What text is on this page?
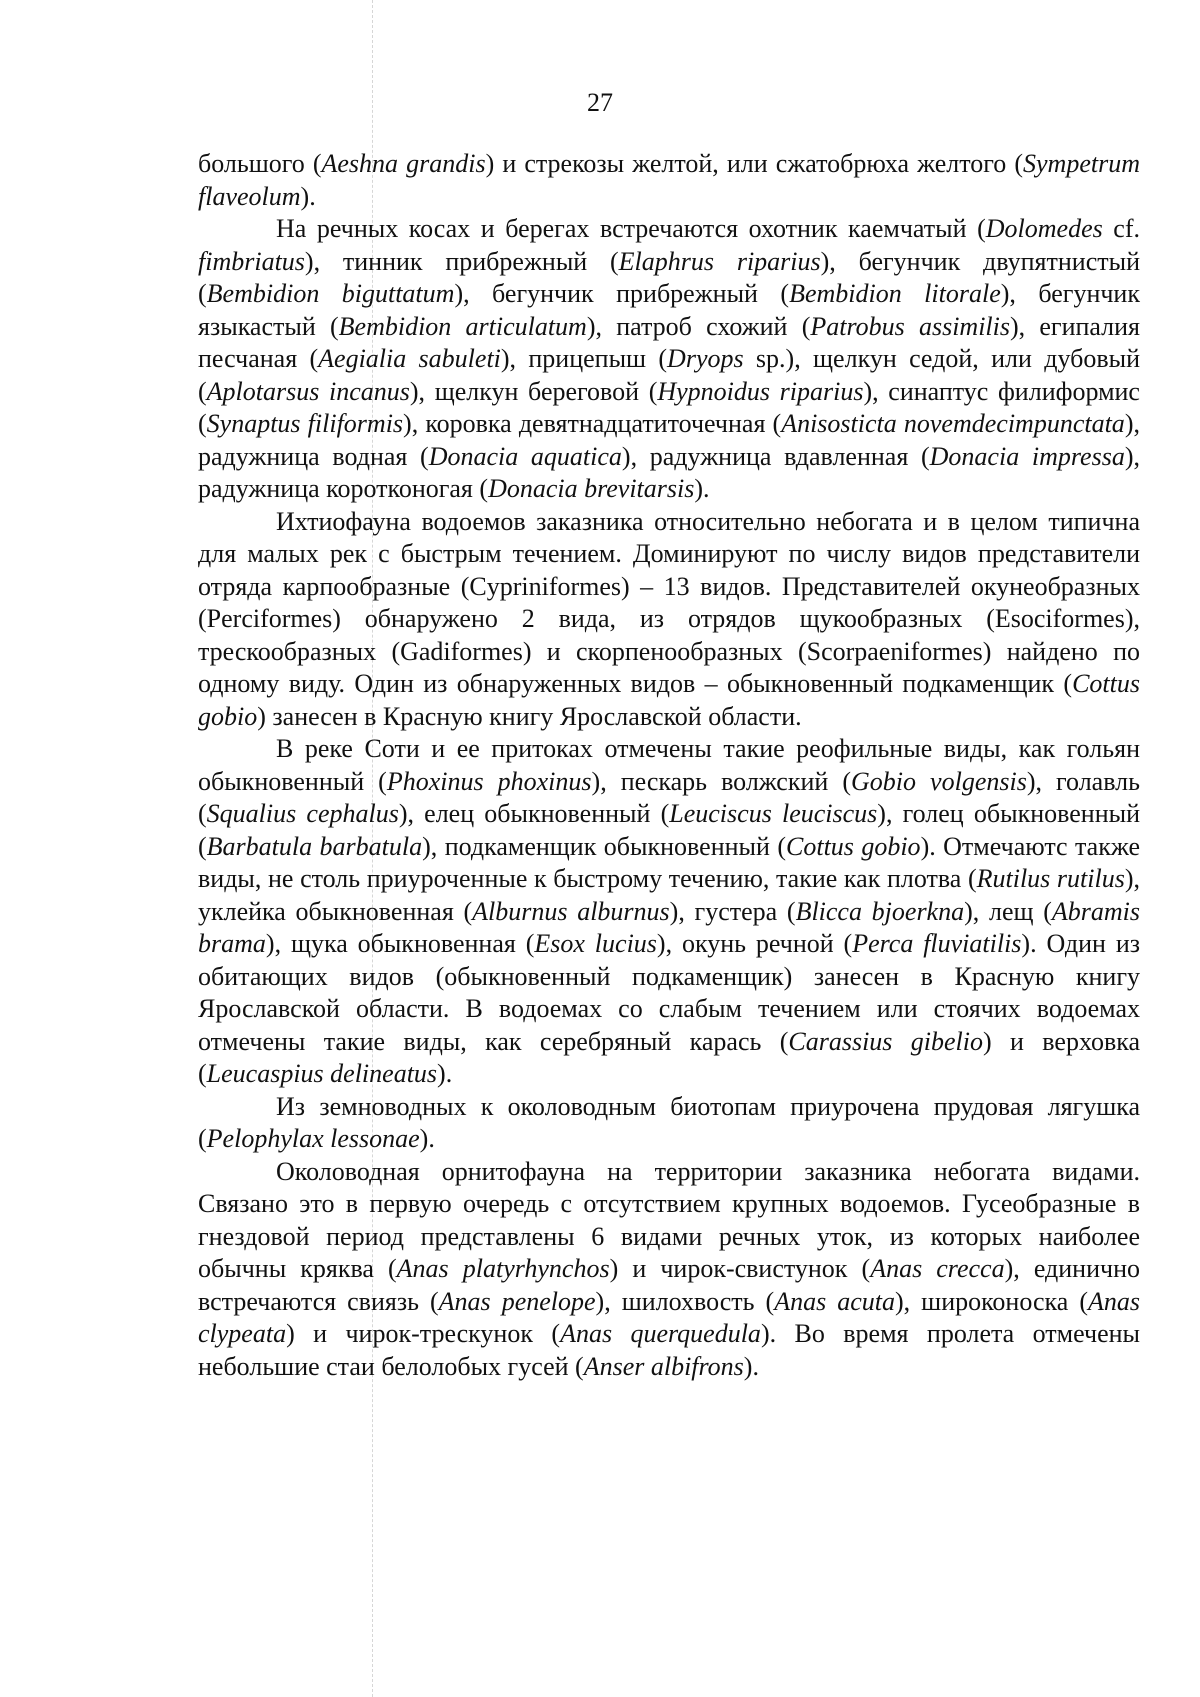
27

большого (Aeshna grandis) и стрекозы желтой, или сжатобрюха желтого (Sympetrum flaveolum).

На речных косах и берегах встречаются охотник каемчатый (Dolomedes cf. fimbriatus), тинник прибрежный (Elaphrus riparius), бегунчик двупятнистый (Bembidion biguttatum), бегунчик прибрежный (Bembidion litorale), бегунчик языкастый (Bembidion articulatum), патроб схожий (Patrobus assimilis), египалия песчаная (Aegialia sabuleti), прицепыш (Dryops sp.), щелкун седой, или дубовый (Aplotarsus incanus), щелкун береговой (Hypnoidus riparius), синаптус филиформис (Synaptus filiformis), коровка девятнадцатиточечная (Anisosticta novemdecimpunctata), радужница водная (Donacia aquatica), радужница вдавленная (Donacia impressa), радужница коротконогая (Donacia brevitarsis).

Ихтиофауна водоемов заказника относительно небогата и в целом типична для малых рек с быстрым течением. Доминируют по числу видов представители отряда карпообразные (Cypriniformes) – 13 видов. Представителей окунеобразных (Perciformes) обнаружено 2 вида, из отрядов щукообразных (Esociformes), трескообразных (Gadiformes) и скорпенообразных (Scorpaeniformes) найдено по одному виду. Один из обнаруженных видов – обыкновенный подкаменщик (Cottus gobio) занесен в Красную книгу Ярославской области.

В реке Соти и ее притоках отмечены такие реофильные виды, как гольян обыкновенный (Phoxinus phoxinus), пескарь волжский (Gobio volgensis), голавль (Squalius cephalus), елец обыкновенный (Leuciscus leuciscus), голец обыкновенный (Barbatula barbatula), подкаменщик обыкновенный (Cottus gobio). Отмечаютс также виды, не столь приуроченные к быстрому течению, такие как плотва (Rutilus rutilus), уклейка обыкновенная (Alburnus alburnus), густера (Blicca bjoerkna), лещ (Abramis brama), щука обыкновенная (Esox lucius), окунь речной (Perca fluviatilis). Один из обитающих видов (обыкновенный подкаменщик) занесен в Красную книгу Ярославской области. В водоемах со слабым течением или стоячих водоемах отмечены такие виды, как серебряный карась (Carassius gibelio) и верховка (Leucaspius delineatus).

Из земноводных к околоводным биотопам приурочена прудовая лягушка (Pelophylax lessonae).

Околоводная орнитофауна на территории заказника небогата видами. Связано это в первую очередь с отсутствием крупных водоемов. Гусеобразные в гнездовой период представлены 6 видами речных уток, из которых наиболее обычны кряква (Anas platyrhynchos) и чирок-свистунок (Anas crecca), единично встречаются свиязь (Anas penelope), шилохвость (Anas acuta), широконоска (Anas clypeata) и чирок-трескунок (Anas querquedula). Во время пролета отмечены небольшие стаи белолобых гусей (Anser albifrons).
